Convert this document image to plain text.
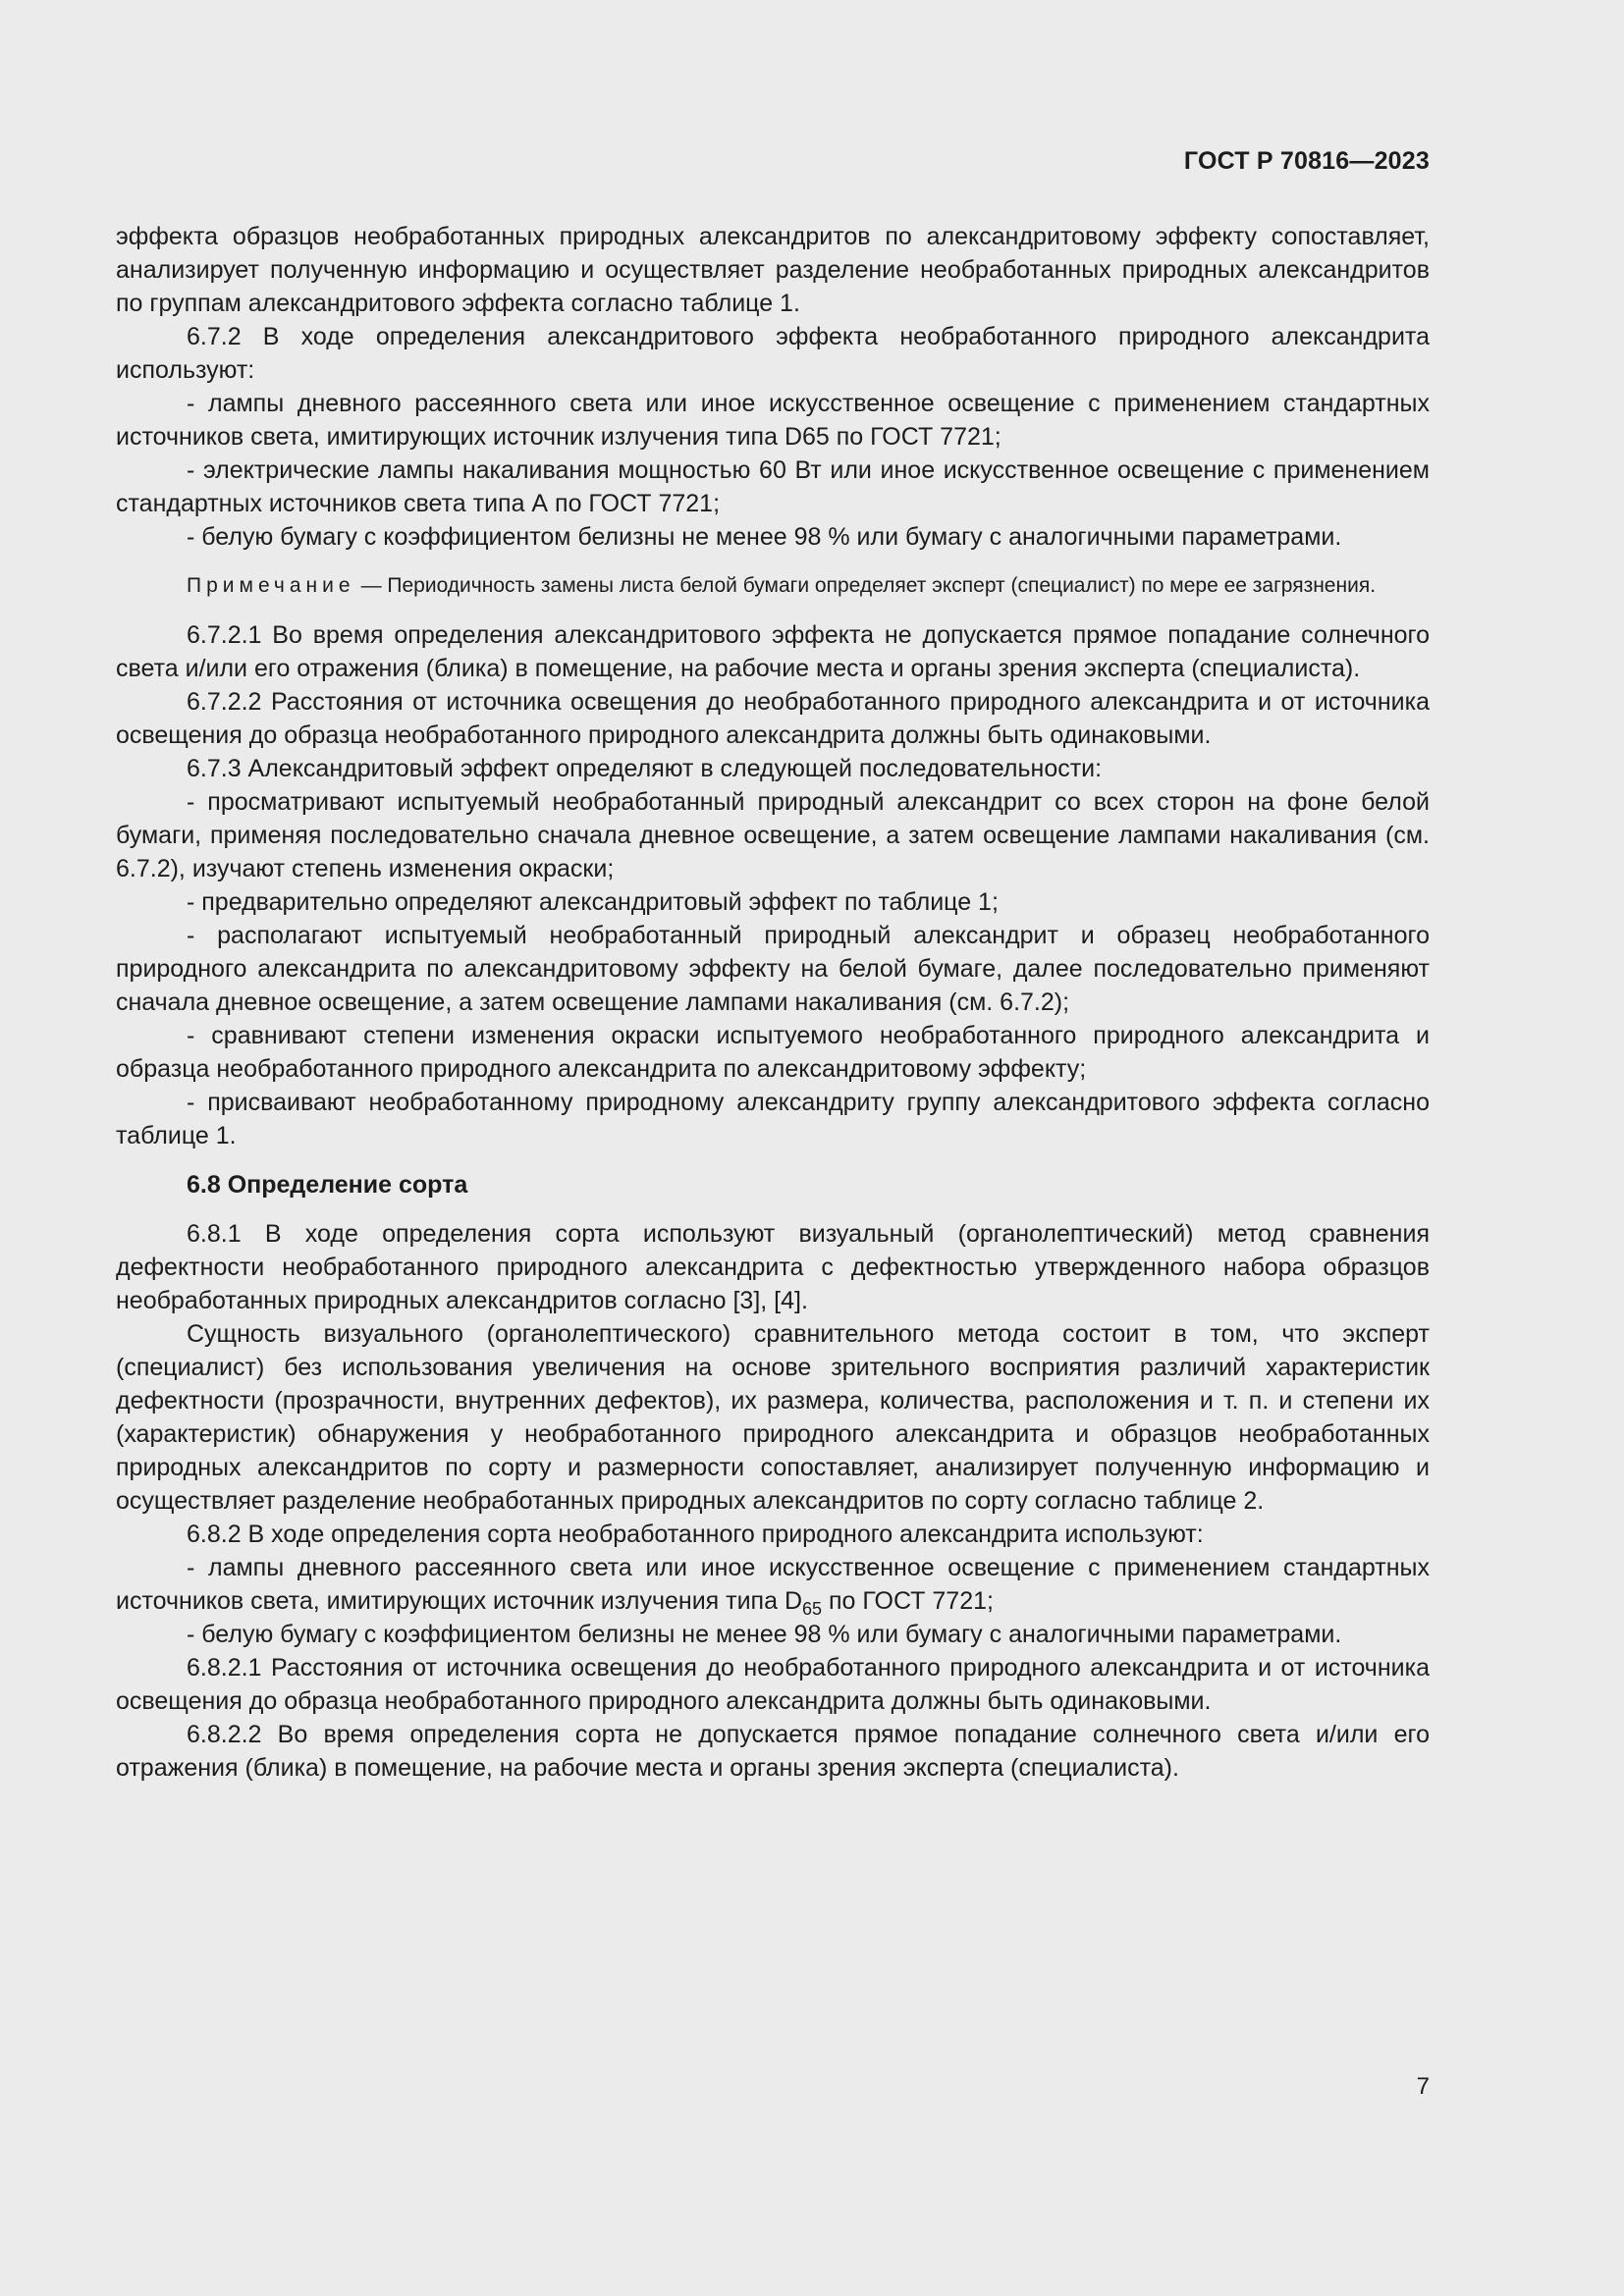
ГОСТ Р 70816—2023

эффекта образцов необработанных природных александритов по александритовому эффекту сопоставляет, анализирует полученную информацию и осуществляет разделение необработанных природных александритов по группам александритового эффекта согласно таблице 1.

6.7.2 В ходе определения александритового эффекта необработанного природного александрита используют:

- лампы дневного рассеянного света или иное искусственное освещение с применением стандартных источников света, имитирующих источник излучения типа D65 по ГОСТ 7721;

- электрические лампы накаливания мощностью 60 Вт или иное искусственное освещение с применением стандартных источников света типа А по ГОСТ 7721;

- белую бумагу с коэффициентом белизны не менее 98 % или бумагу с аналогичными параметрами.

Примечание — Периодичность замены листа белой бумаги определяет эксперт (специалист) по мере ее загрязнения.

6.7.2.1 Во время определения александритового эффекта не допускается прямое попадание солнечного света и/или его отражения (блика) в помещение, на рабочие места и органы зрения эксперта (специалиста).

6.7.2.2 Расстояния от источника освещения до необработанного природного александрита и от источника освещения до образца необработанного природного александрита должны быть одинаковыми.

6.7.3 Александритовый эффект определяют в следующей последовательности:

- просматривают испытуемый необработанный природный александрит со всех сторон на фоне белой бумаги, применяя последовательно сначала дневное освещение, а затем освещение лампами накаливания (см. 6.7.2), изучают степень изменения окраски;

- предварительно определяют александритовый эффект по таблице 1;

- располагают испытуемый необработанный природный александрит и образец необработанного природного александрита по александритовому эффекту на белой бумаге, далее последовательно применяют сначала дневное освещение, а затем освещение лампами накаливания (см. 6.7.2);

- сравнивают степени изменения окраски испытуемого необработанного природного александрита и образца необработанного природного александрита по александритовому эффекту;

- присваивают необработанному природному александриту группу александритового эффекта согласно таблице 1.

6.8 Определение сорта

6.8.1 В ходе определения сорта используют визуальный (органолептический) метод сравнения дефектности необработанного природного александрита с дефектностью утвержденного набора образцов необработанных природных александритов согласно [3], [4].

Сущность визуального (органолептического) сравнительного метода состоит в том, что эксперт (специалист) без использования увеличения на основе зрительного восприятия различий характеристик дефектности (прозрачности, внутренних дефектов), их размера, количества, расположения и т. п. и степени их (характеристик) обнаружения у необработанного природного александрита и образцов необработанных природных александритов по сорту и размерности сопоставляет, анализирует полученную информацию и осуществляет разделение необработанных природных александритов по сорту согласно таблице 2.

6.8.2 В ходе определения сорта необработанного природного александрита используют:

- лампы дневного рассеянного света или иное искусственное освещение с применением стандартных источников света, имитирующих источник излучения типа $D_{65}$ по ГОСТ 7721;

- белую бумагу с коэффициентом белизны не менее 98 % или бумагу с аналогичными параметрами.

6.8.2.1 Расстояния от источника освещения до необработанного природного александрита и от источника освещения до образца необработанного природного александрита должны быть одинаковыми.

6.8.2.2 Во время определения сорта не допускается прямое попадание солнечного света и/или его отражения (блика) в помещение, на рабочие места и органы зрения эксперта (специалиста).

7
